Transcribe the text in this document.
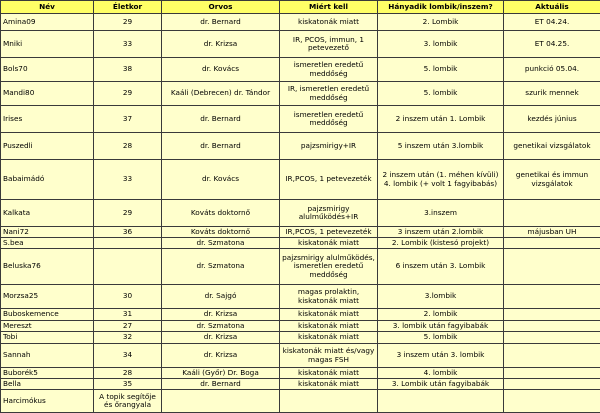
Név	Életkor	Orvos	Miért kell	Hányadik lombik/inszem?	Aktuális
Amina09	29	dr. Bernard	kiskatonák miatt	2. Lombik	ET 04.24.
Mniki	33	dr. Krizsa	IR, PCOS, immun, 1 petevezető	3. lombik	ET 04.25.
Bols70	38	dr. Kovács	ismeretlen eredetű meddőség	5. lombik	punkció 05.04.
Mandi80	29	Kaáli (Debrecen) dr. Tándor	IR, ismeretlen eredetű meddőség	5. lombik	szurik mennek
Irises	37	dr. Bernard	ismeretlen eredetű meddőség	2 inszem után 1. Lombik	kezdés június
Puszedli	28	dr. Bernard	pajzsmirigy+IR	5 inszem után 3.lombik	genetikai vizsgálatok
Babaimádó	33	dr. Kovács	IR,PCOS, 1 petevezeték	2 inszem után (1. méhen kívüli) 4. lombik (+ volt 1 fagyibabás)	genetikai és immun vizsgálatok
Kalkata	29	Kováts doktornő	pajzsmirigy alulműködés+IR	3.inszem	
Nani72	36	Kováts doktornő	IR,PCOS, 1 petevezeték	3 inszem után 2.lombik	májusban UH
S.bea		dr. Szmatona	kiskatonák miatt	2. Lombik (kistesó projekt)	
Beluska76		dr. Szmatona	pajzsmirigy alulműködés, ismeretlen eredetű meddőség	6 inszem után 3. Lombik	
Morzsa25	30	dr. Sajgó	magas prolaktin, kiskatonák miatt	3.lombik	
Buboskemence	31	dr. Krizsa	kiskatonák miatt	2. lombik	
Mereszt	27	dr. Szmatona	kiskatonák miatt	3. lombik után fagyibabák	
Tobi	32	dr. Krizsa	kiskatonák miatt	5. lombik	
Sannah	34	dr. Krizsa	kiskatonák miatt és/vagy magas FSH	3 inszem után 3. lombik	
Buborék5	28	Kaáli (Győr) Dr. Boga	kiskatonák miatt	4. lombik	
Bella	35	dr. Bernard	kiskatonák miatt	3. Lombik után fagyibabák	
Harcimókus	A topik segítője és őrangyala				
